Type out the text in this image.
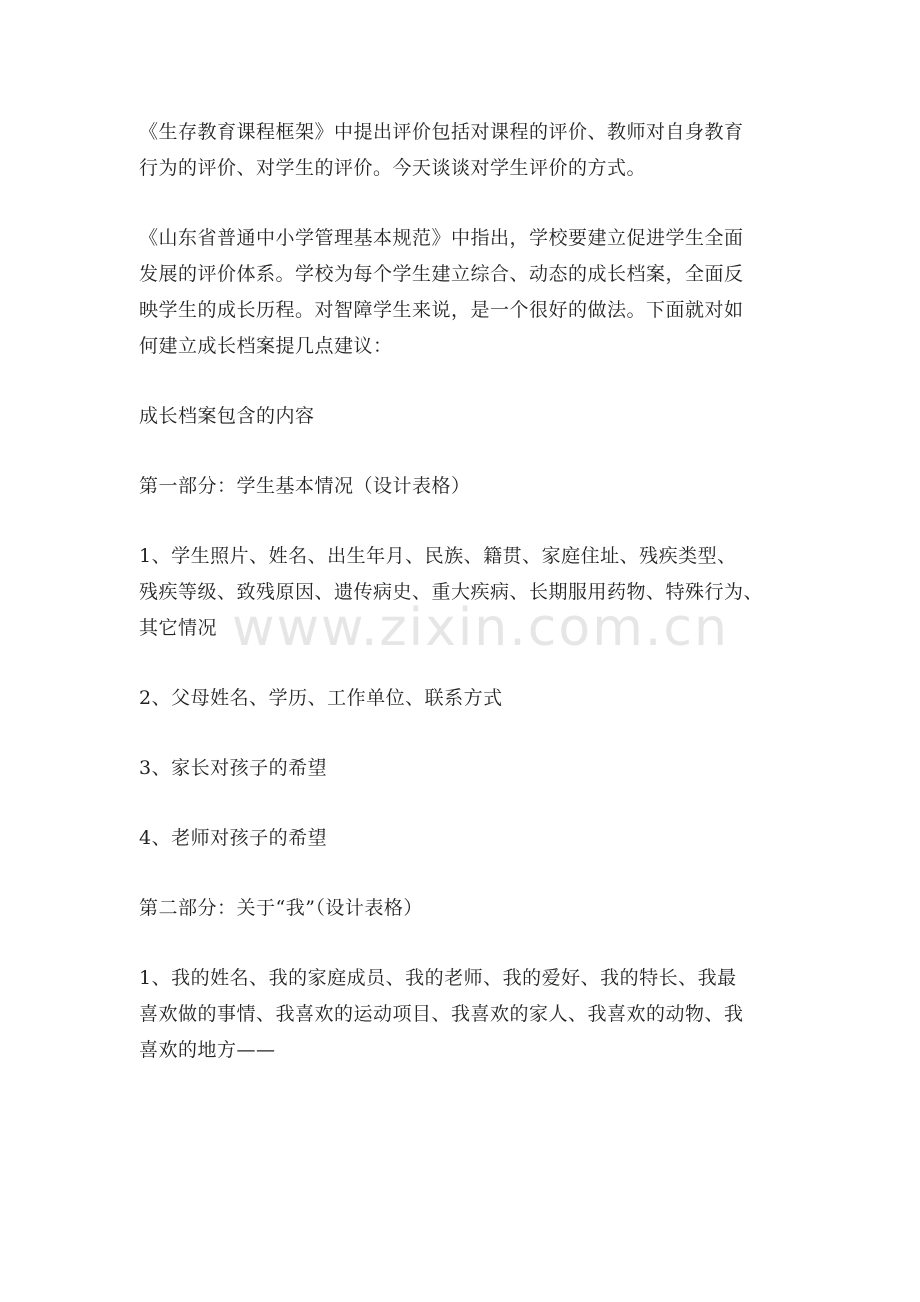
《生存教育课程框架》中提出评价包括对课程的评价、教师对自身教育
行为的评价、对学生的评价。今天谈谈对学生评价的方式。

《山东省普通中小学管理基本规范》中指出，学校要建立促进学生全面
发展的评价体系。学校为每个学生建立综合、动态的成长档案，全面反
映学生的成长历程。对智障学生来说，是一个很好的做法。下面就对如
何建立成长档案提几点建议：

成长档案包含的内容

第一部分：学生基本情况（设计表格）

1、学生照片、姓名、出生年月、民族、籍贯、家庭住址、残疾类型、
残疾等级、致残原因、遗传病史、重大疾病、长期服用药物、特殊行为、
其它情况

2、父母姓名、学历、工作单位、联系方式

3、家长对孩子的希望

4、老师对孩子的希望

第二部分：关于“我”（设计表格）

1、我的姓名、我的家庭成员、我的老师、我的爱好、我的特长、我最
喜欢做的事情、我喜欢的运动项目、我喜欢的家人、我喜欢的动物、我
喜欢的地方——

www.zixin.com.cn
